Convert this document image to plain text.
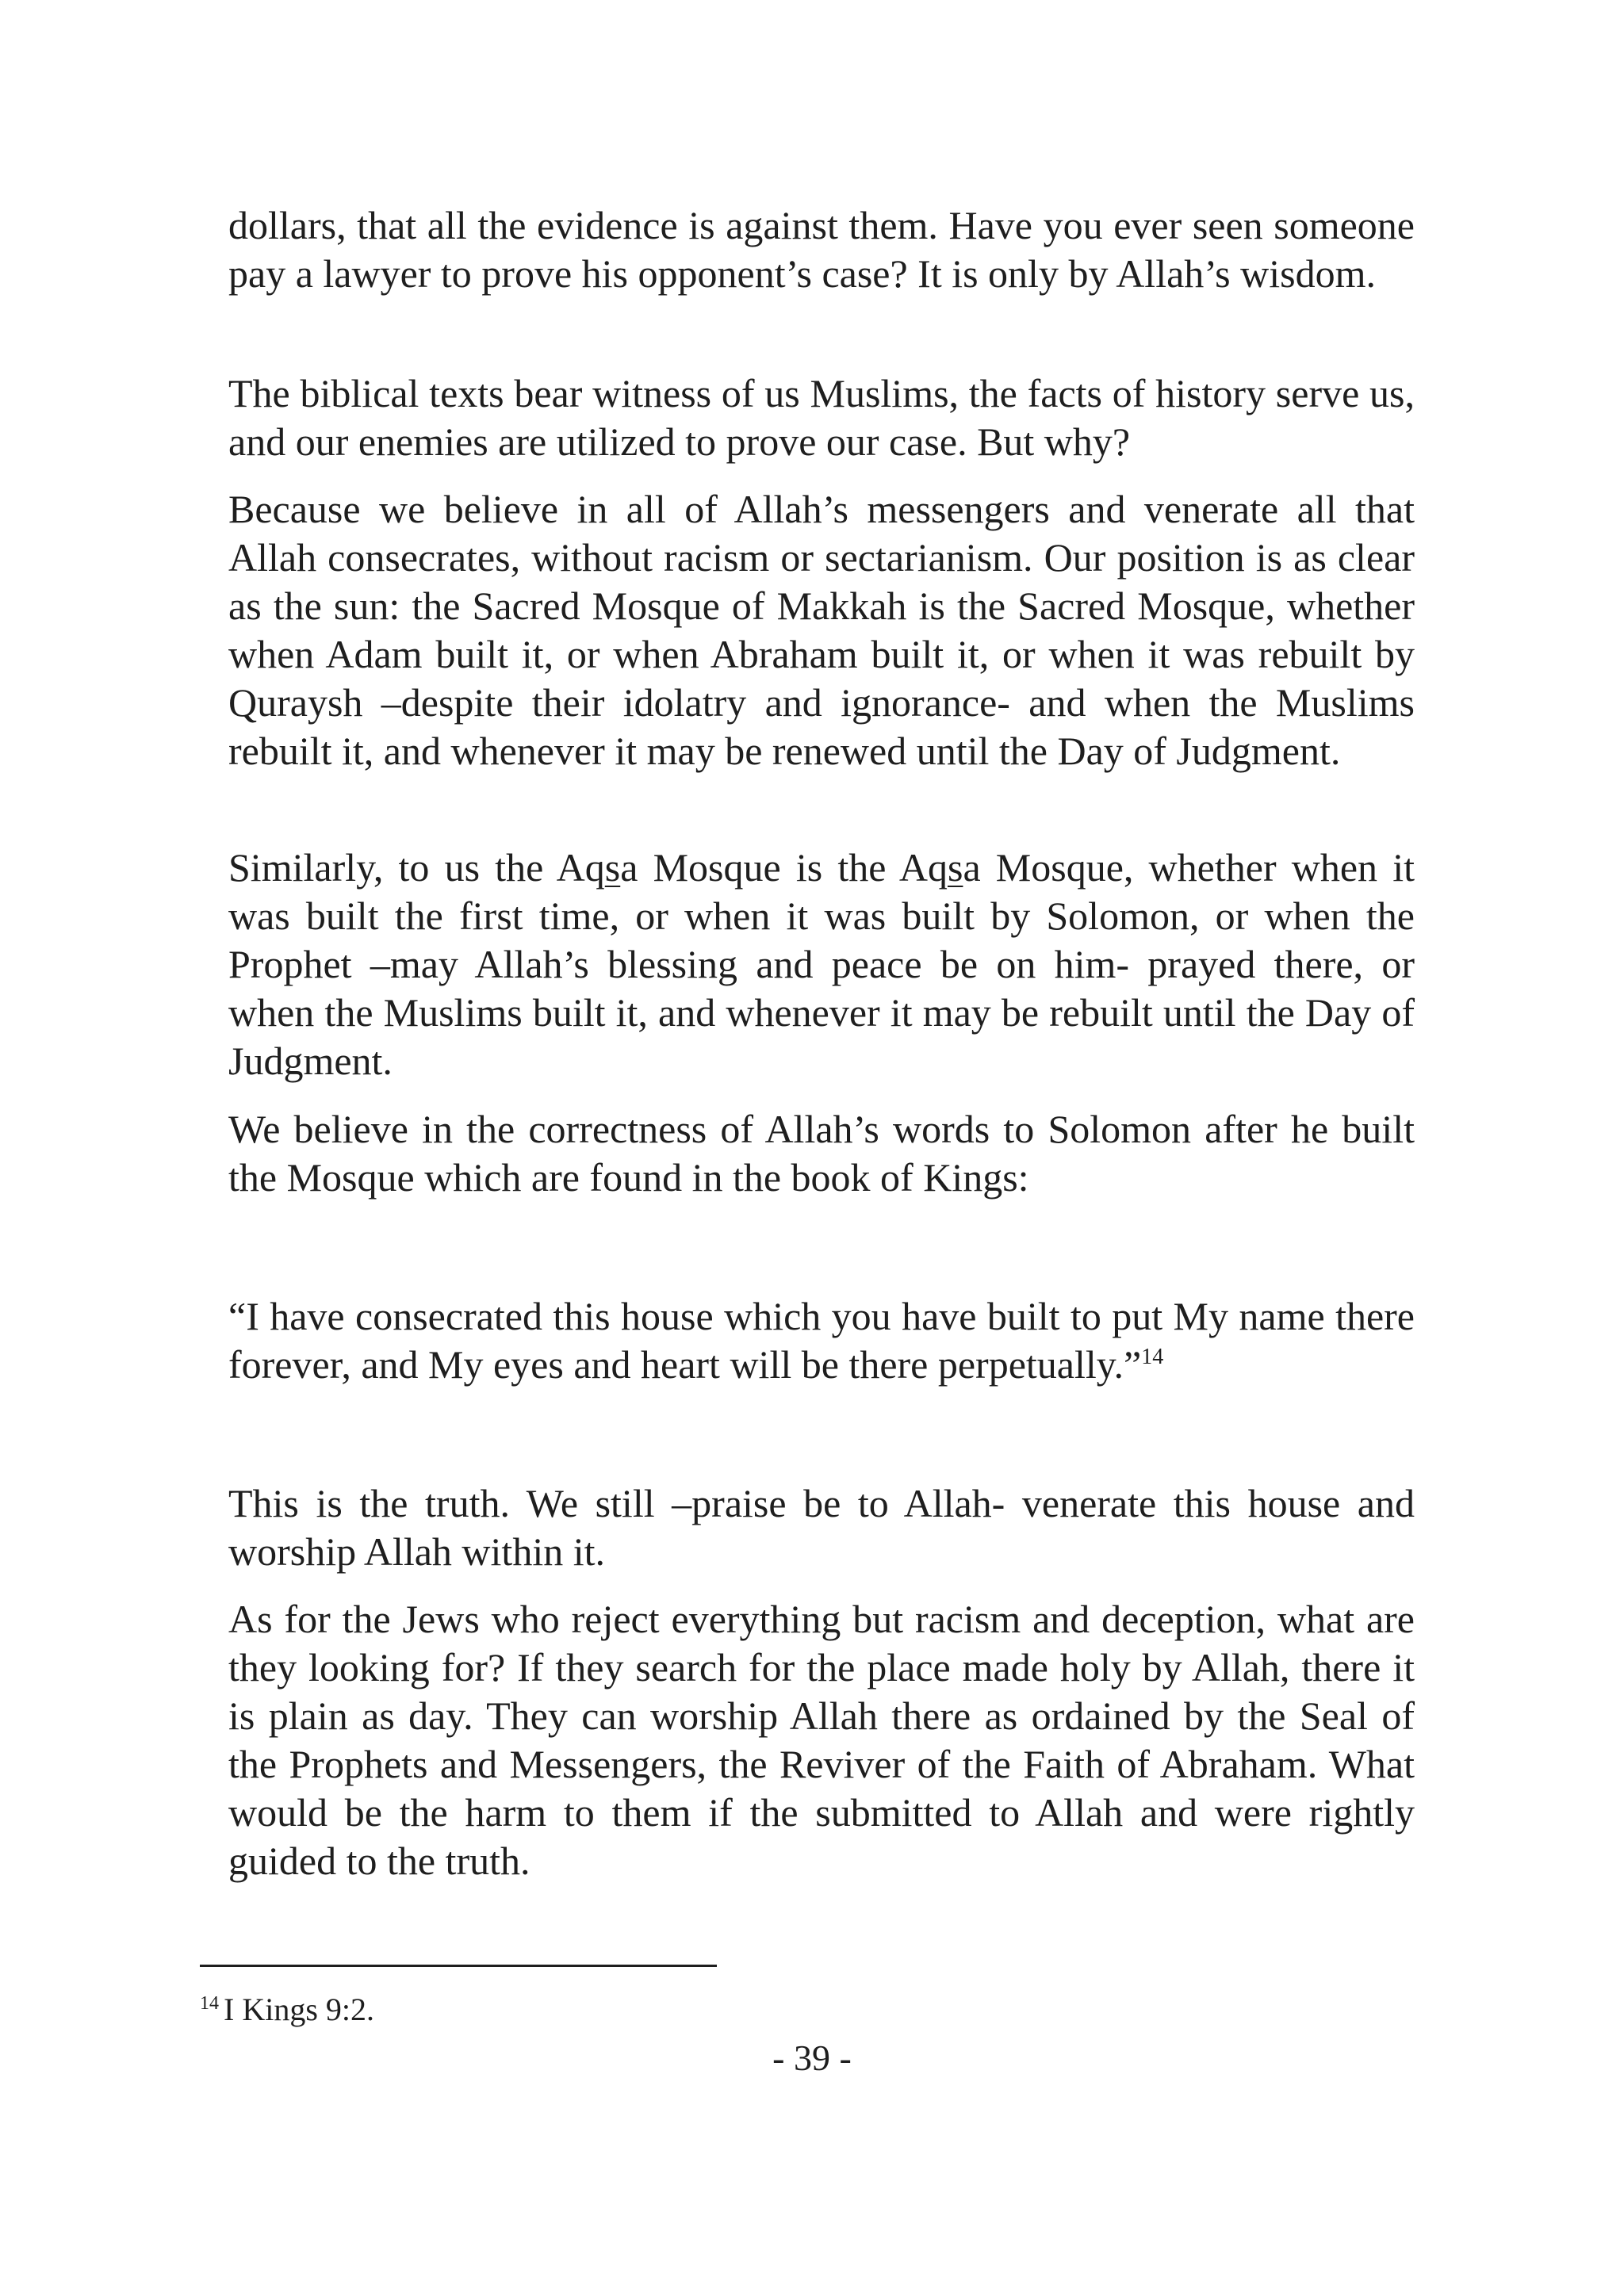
dollars, that all the evidence is against them. Have you ever seen someone pay a lawyer to prove his opponent’s case? It is only by Allah’s wisdom.

The biblical texts bear witness of us Muslims, the facts of history serve us, and our enemies are utilized to prove our case. But why?

Because we believe in all of Allah’s messengers and venerate all that Allah consecrates, without racism or sectarianism. Our position is as clear as the sun: the Sacred Mosque of Makkah is the Sacred Mosque, whether when Adam built it, or when Abraham built it, or when it was rebuilt by Quraysh –despite their idolatry and ignorance- and when the Muslims rebuilt it, and whenever it may be renewed until the Day of Judgment.

Similarly, to us the Aqsa Mosque is the Aqsa Mosque, whether when it was built the first time, or when it was built by Solomon, or when the Prophet –may Allah’s blessing and peace be on him- prayed there, or when the Muslims built it, and whenever it may be rebuilt until the Day of Judgment.

We believe in the correctness of Allah’s words to Solomon after he built the Mosque which are found in the book of Kings:

“I have consecrated this house which you have built to put My name there forever, and My eyes and heart will be there perpetually.”$^{14}$

This is the truth. We still –praise be to Allah- venerate this house and worship Allah within it.

As for the Jews who reject everything but racism and deception, what are they looking for? If they search for the place made holy by Allah, there it is plain as day. They can worship Allah there as ordained by the Seal of the Prophets and Messengers, the Reviver of the Faith of Abraham. What would be the harm to them if the submitted to Allah and were rightly guided to the truth.

$^{14}$ I Kings 9:2.

- 39 -
